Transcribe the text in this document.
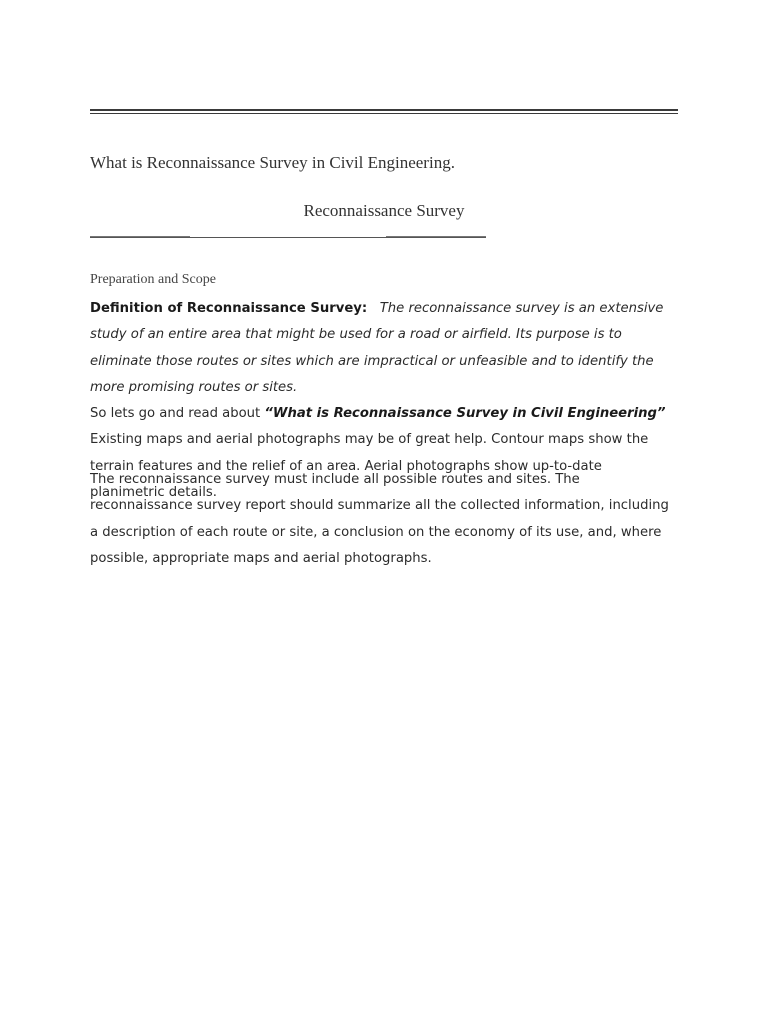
What is Reconnaissance Survey in Civil Engineering.
Reconnaissance Survey
Preparation and Scope

Definition of Reconnaissance Survey: The reconnaissance survey is an extensive study of an entire area that might be used for a road or airfield. Its purpose is to eliminate those routes or sites which are impractical or unfeasible and to identify the more promising routes or sites.

So lets go and read about “What is Reconnaissance Survey in Civil Engineering”

Existing maps and aerial photographs may be of great help. Contour maps show the terrain features and the relief of an area. Aerial photographs show up-to-date planimetric details.

The reconnaissance survey must include all possible routes and sites. The reconnaissance survey report should summarize all the collected information, including a description of each route or site, a conclusion on the economy of its use, and, where possible, appropriate maps and aerial photographs.
